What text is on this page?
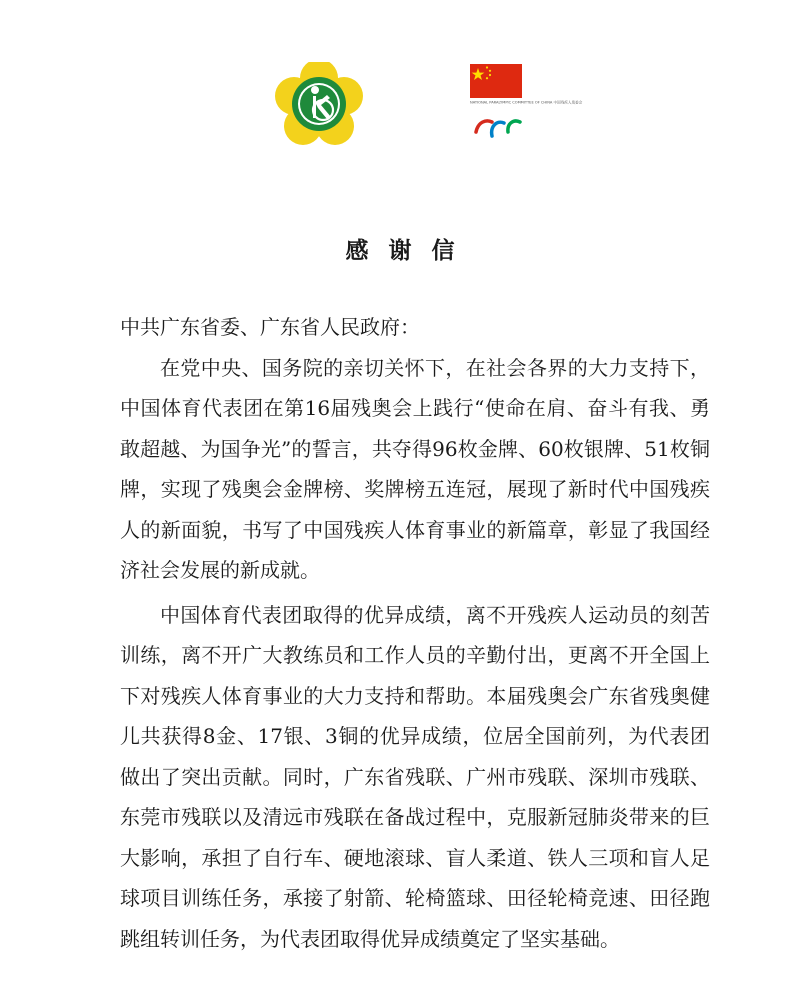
NATIONAL PARALYMPIC COMMITTEE OF CHINA 中国残疾人奥委会
感谢信

中共广东省委、广东省人民政府：

在党中央、国务院的亲切关怀下，在社会各界的大力支持下，中国体育代表团在第16届残奥会上践行“使命在肩、奋斗有我、勇敢超越、为国争光”的誓言，共夺得96枚金牌、60枚银牌、51枚铜牌，实现了残奥会金牌榜、奖牌榜五连冠，展现了新时代中国残疾人的新面貌，书写了中国残疾人体育事业的新篇章，彰显了我国经济社会发展的新成就。

中国体育代表团取得的优异成绩，离不开残疾人运动员的刻苦训练，离不开广大教练员和工作人员的辛勤付出，更离不开全国上下对残疾人体育事业的大力支持和帮助。本届残奥会广东省残奥健儿共获得8金、17银、3铜的优异成绩，位居全国前列，为代表团做出了突出贡献。同时，广东省残联、广州市残联、深圳市残联、东莞市残联以及清远市残联在备战过程中，克服新冠肺炎带来的巨大影响，承担了自行车、硬地滚球、盲人柔道、铁人三项和盲人足球项目训练任务，承接了射箭、轮椅篮球、田径轮椅竞速、田径跑跳组转训任务，为代表团取得优异成绩奠定了坚实基础。
